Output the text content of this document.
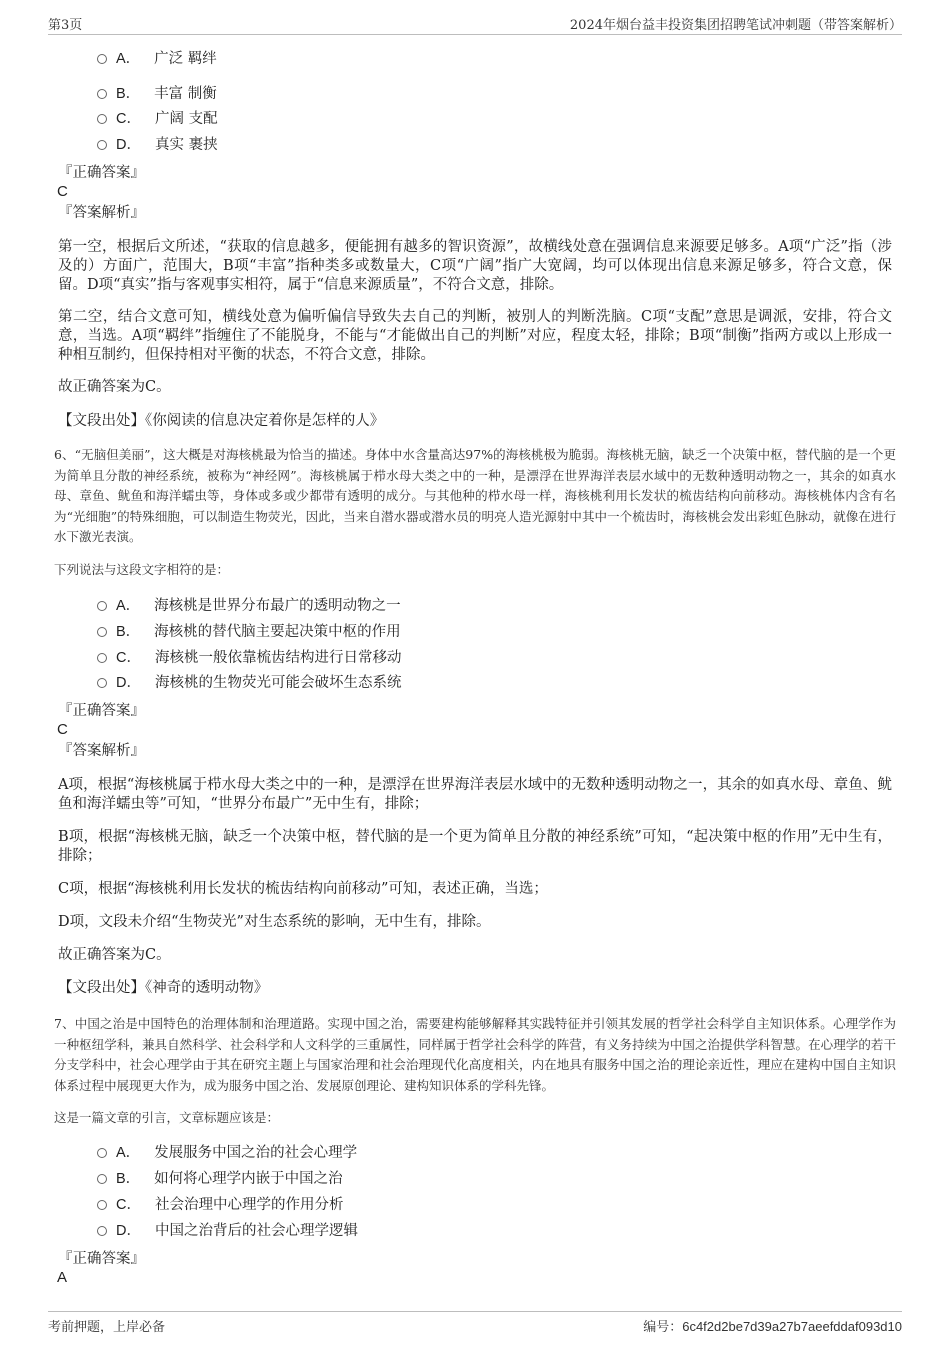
第3页	2024年烟台益丰投资集团招聘笔试冲刺题（带答案解析）
A． 广泛 羁绊
B． 丰富 制衡
C． 广阔 支配
D． 真实 裹挟
『正确答案』
C
『答案解析』
第一空，根据后文所述，“获取的信息越多，便能拥有越多的智识资源”，故横线处意在强调信息来源要足够多。A项“广泛”指（涉及的）方面广，范围大，B项“丰富”指种类多或数量大，C项“广阔”指广大宽阔，均可以体现出信息来源足够多，符合文意，保留。D项“真实”指与客观事实相符，属于“信息来源质量”，不符合文意，排除。
第二空，结合文意可知，横线处意为偏听偏信导致失去自己的判断，被别人的判断洗脑。C项“支配”意思是调派，安排，符合文意，当选。A项“羁绊”指缠住了不能脱身，不能与“才能做出自己的判断”对应，程度太轻，排除；B项“制衡”指两方或以上形成一种相互制约，但保持相对平衡的状态，不符合文意，排除。
故正确答案为C。
【文段出处】《你阅读的信息决定着你是怎样的人》
6、“无脑但美丽”，这大概是对海核桃最为恰当的描述。身体中水含量高达97%的海核桃极为脆弱。海核桃无脑，缺乏一个决策中枢，替代脑的是一个更为简单且分散的神经系统，被称为“神经网”。海核桃属于栉水母大类之中的一种，是漂浮在世界海洋表层水域中的无数种透明动物之一，其余的如真水母、章鱼、鱿鱼和海洋蠕虫等，身体或多或少都带有透明的成分。与其他种的栉水母一样，海核桃利用长发状的梳齿结构向前移动。海核桃体内含有名为“光细胞”的特殊细胞，可以制造生物荧光，因此，当来自潜水器或潜水员的明亮人造光源射中其中一个梳齿时，海核桃会发出彩虹色脉动，就像在进行水下激光表演。
下列说法与这段文字相符的是：
A． 海核桃是世界分布最广的透明动物之一
B． 海核桃的替代脑主要起决策中枢的作用
C． 海核桃一般依靠梳齿结构进行日常移动
D． 海核桃的生物荧光可能会破坏生态系统
『正确答案』
C
『答案解析』
A项，根据“海核桃属于栉水母大类之中的一种，是漂浮在世界海洋表层水域中的无数种透明动物之一，其余的如真水母、章鱼、鱿鱼和海洋蠕虫等”可知，“世界分布最广”无中生有，排除；
B项，根据“海核桃无脑，缺乏一个决策中枢，替代脑的是一个更为简单且分散的神经系统”可知，“起决策中枢的作用”无中生有，排除；
C项，根据“海核桃利用长发状的梳齿结构向前移动”可知，表述正确，当选；
D项，文段未介绍“生物荧光”对生态系统的影响，无中生有，排除。
故正确答案为C。
【文段出处】《神奇的透明动物》
7、中国之治是中国特色的治理体制和治理道路。实现中国之治，需要建构能够解释其实践特征并引领其发展的哲学社会科学自主知识体系。心理学作为一种枢纽学科，兼具自然科学、社会科学和人文科学的三重属性，同样属于哲学社会科学的阵营，有义务持续为中国之治提供学科智慧。在心理学的若干分支学科中，社会心理学由于其在研究主题上与国家治理和社会治理现代化高度相关，内在地具有服务中国之治的理论亲近性，理应在建构中国自主知识体系过程中展现更大作为，成为服务中国之治、发展原创理论、建构知识体系的学科先锋。
这是一篇文章的引言，文章标题应该是：
A． 发展服务中国之治的社会心理学
B． 如何将心理学内嵌于中国之治
C． 社会治理中心理学的作用分析
D． 中国之治背后的社会心理学逻辑
『正确答案』
A
考前押题，上岸必备	编号：6c4f2d2be7d39a27b7aeefddaf093d10
